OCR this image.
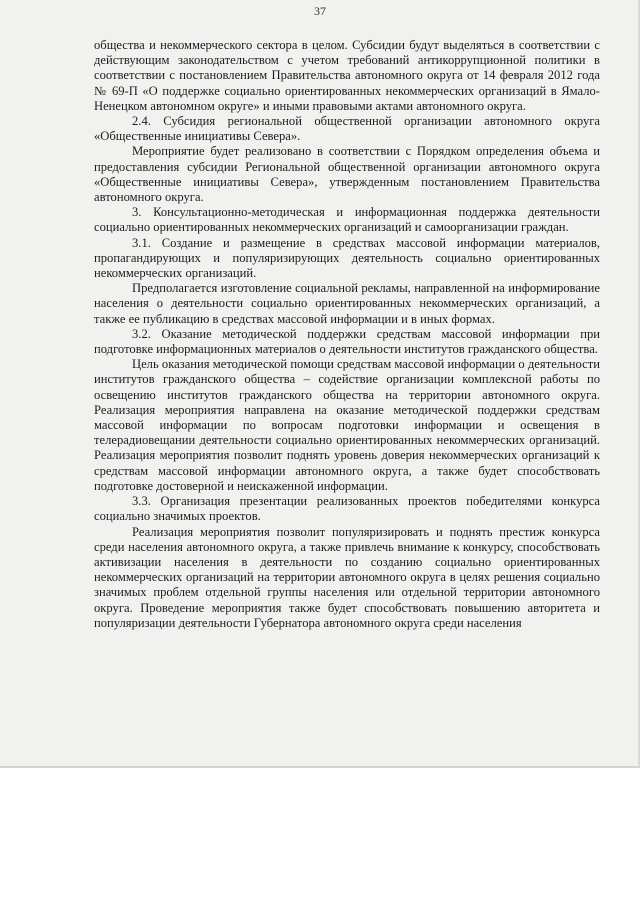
37

общества и некоммерческого сектора в целом. Субсидии будут выделяться в соответствии с действующим законодательством с учетом требований антикоррупционной политики в соответствии с постановлением Правительства автономного округа от 14 февраля 2012 года № 69-П «О поддержке социально ориентированных некоммерческих организаций в Ямало-Ненецком автономном округе» и иными правовыми актами автономного округа.

2.4. Субсидия региональной общественной организации автономного округа «Общественные инициативы Севера».

Мероприятие будет реализовано в соответствии с Порядком определения объема и предоставления субсидии Региональной общественной организации автономного округа «Общественные инициативы Севера», утвержденным постановлением Правительства автономного округа.

3. Консультационно-методическая и информационная поддержка деятельности социально ориентированных некоммерческих организаций и самоорганизации граждан.

3.1. Создание и размещение в средствах массовой информации материалов, пропагандирующих и популяризирующих деятельность социально ориентированных некоммерческих организаций.

Предполагается изготовление социальной рекламы, направленной на информирование населения о деятельности социально ориентированных некоммерческих организаций, а также ее публикацию в средствах массовой информации и в иных формах.

3.2. Оказание методической поддержки средствам массовой информации при подготовке информационных материалов о деятельности институтов гражданского общества.

Цель оказания методической помощи средствам массовой информации о деятельности институтов гражданского общества – содействие организации комплексной работы по освещению институтов гражданского общества на территории автономного округа. Реализация мероприятия направлена на оказание методической поддержки средствам массовой информации по вопросам подготовки информации и освещения в телерадиовещании деятельности социально ориентированных некоммерческих организаций. Реализация мероприятия позволит поднять уровень доверия некоммерческих организаций к средствам массовой информации автономного округа, а также будет способствовать подготовке достоверной и неискаженной информации.

3.3. Организация презентации реализованных проектов победителями конкурса социально значимых проектов.

Реализация мероприятия позволит популяризировать и поднять престиж конкурса среди населения автономного округа, а также привлечь внимание к конкурсу, способствовать активизации населения в деятельности по созданию социально ориентированных некоммерческих организаций на территории автономного округа в целях решения социально значимых проблем отдельной группы населения или отдельной территории автономного округа. Проведение мероприятия также будет способствовать повышению авторитета и популяризации деятельности Губернатора автономного округа среди населения
